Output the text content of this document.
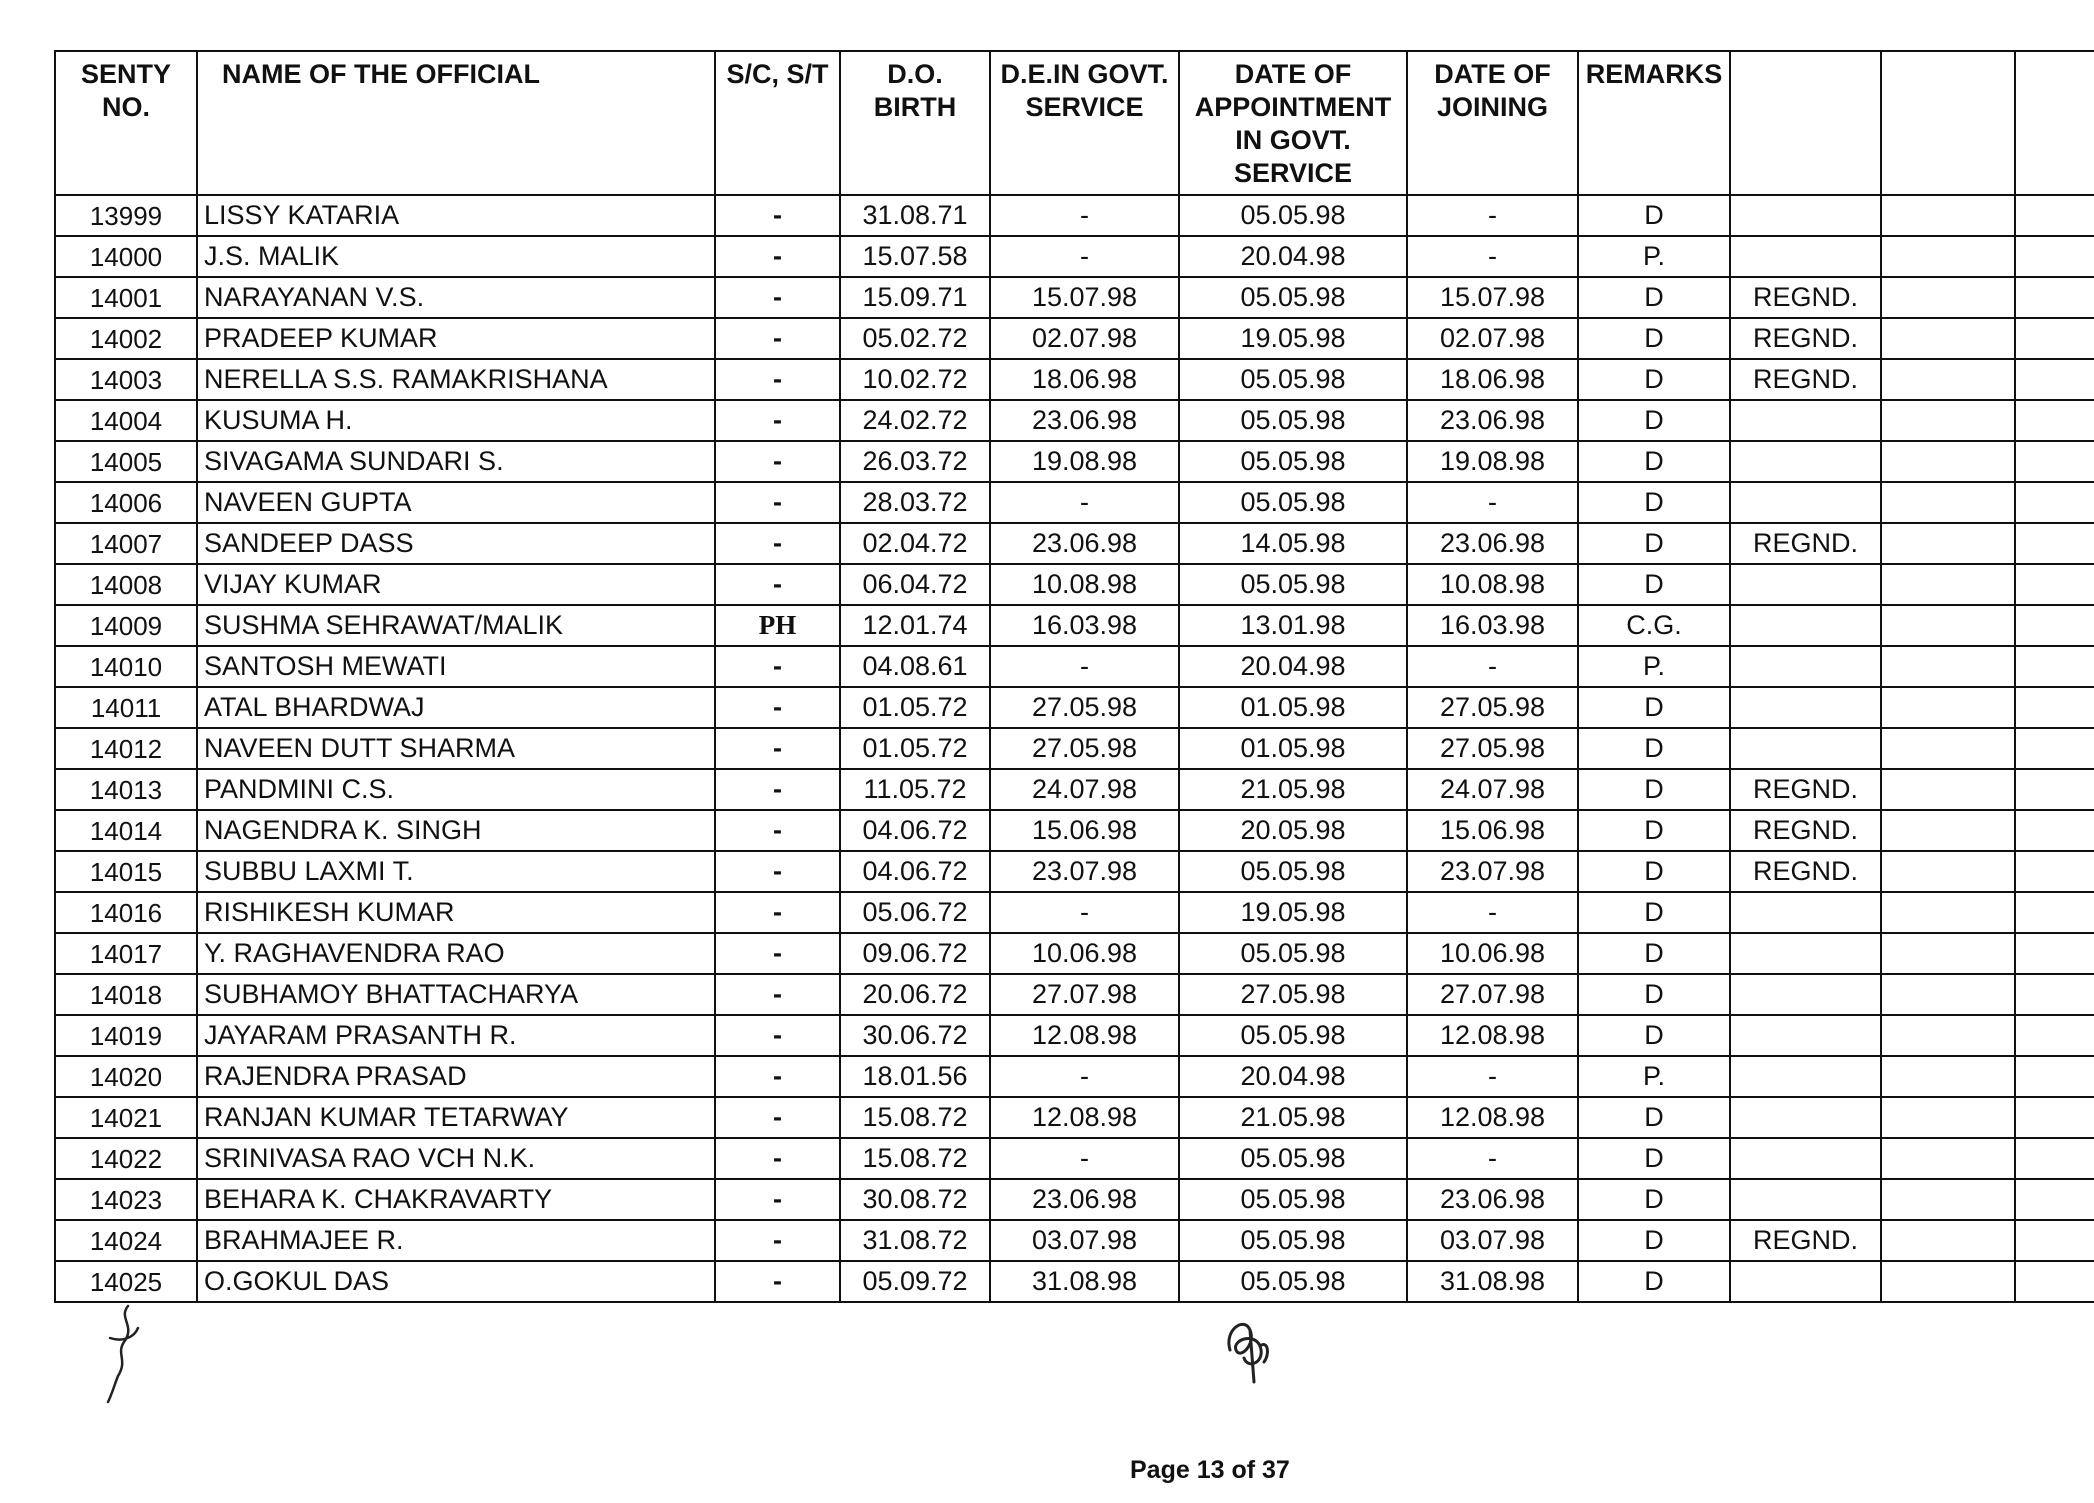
SENTY NO.	NAME OF THE OFFICIAL	S/C, S/T	D.O. BIRTH	D.E.IN GOVT. SERVICE	DATE OF APPOINTMENT IN GOVT. SERVICE	DATE OF JOINING	REMARKS			
13999	LISSY KATARIA	-	31.08.71	-	05.05.98	-	D			
14000	J.S. MALIK	-	15.07.58	-	20.04.98	-	P.			
14001	NARAYANAN V.S.	-	15.09.71	15.07.98	05.05.98	15.07.98	D	REGND.		
14002	PRADEEP KUMAR	-	05.02.72	02.07.98	19.05.98	02.07.98	D	REGND.		
14003	NERELLA S.S. RAMAKRISHANA	-	10.02.72	18.06.98	05.05.98	18.06.98	D	REGND.		
14004	KUSUMA H.	-	24.02.72	23.06.98	05.05.98	23.06.98	D			
14005	SIVAGAMA SUNDARI S.	-	26.03.72	19.08.98	05.05.98	19.08.98	D			
14006	NAVEEN GUPTA	-	28.03.72	-	05.05.98	-	D			
14007	SANDEEP DASS	-	02.04.72	23.06.98	14.05.98	23.06.98	D	REGND.		
14008	VIJAY KUMAR	-	06.04.72	10.08.98	05.05.98	10.08.98	D			
14009	SUSHMA SEHRAWAT/MALIK	PH	12.01.74	16.03.98	13.01.98	16.03.98	C.G.			
14010	SANTOSH MEWATI	-	04.08.61	-	20.04.98	-	P.			
14011	ATAL BHARDWAJ	-	01.05.72	27.05.98	01.05.98	27.05.98	D			
14012	NAVEEN DUTT SHARMA	-	01.05.72	27.05.98	01.05.98	27.05.98	D			
14013	PANDMINI C.S.	-	11.05.72	24.07.98	21.05.98	24.07.98	D	REGND.		
14014	NAGENDRA K. SINGH	-	04.06.72	15.06.98	20.05.98	15.06.98	D	REGND.		
14015	SUBBU LAXMI T.	-	04.06.72	23.07.98	05.05.98	23.07.98	D	REGND.		
14016	RISHIKESH KUMAR	-	05.06.72	-	19.05.98	-	D			
14017	Y. RAGHAVENDRA RAO	-	09.06.72	10.06.98	05.05.98	10.06.98	D			
14018	SUBHAMOY BHATTACHARYA	-	20.06.72	27.07.98	27.05.98	27.07.98	D			
14019	JAYARAM PRASANTH R.	-	30.06.72	12.08.98	05.05.98	12.08.98	D			
14020	RAJENDRA PRASAD	-	18.01.56	-	20.04.98	-	P.			
14021	RANJAN KUMAR TETARWAY	-	15.08.72	12.08.98	21.05.98	12.08.98	D			
14022	SRINIVASA RAO VCH N.K.	-	15.08.72	-	05.05.98	-	D			
14023	BEHARA K. CHAKRAVARTY	-	30.08.72	23.06.98	05.05.98	23.06.98	D			
14024	BRAHMAJEE R.	-	31.08.72	03.07.98	05.05.98	03.07.98	D	REGND.		
14025	O.GOKUL DAS	-	05.09.72	31.08.98	05.05.98	31.08.98	D			
Page 13 of 37
